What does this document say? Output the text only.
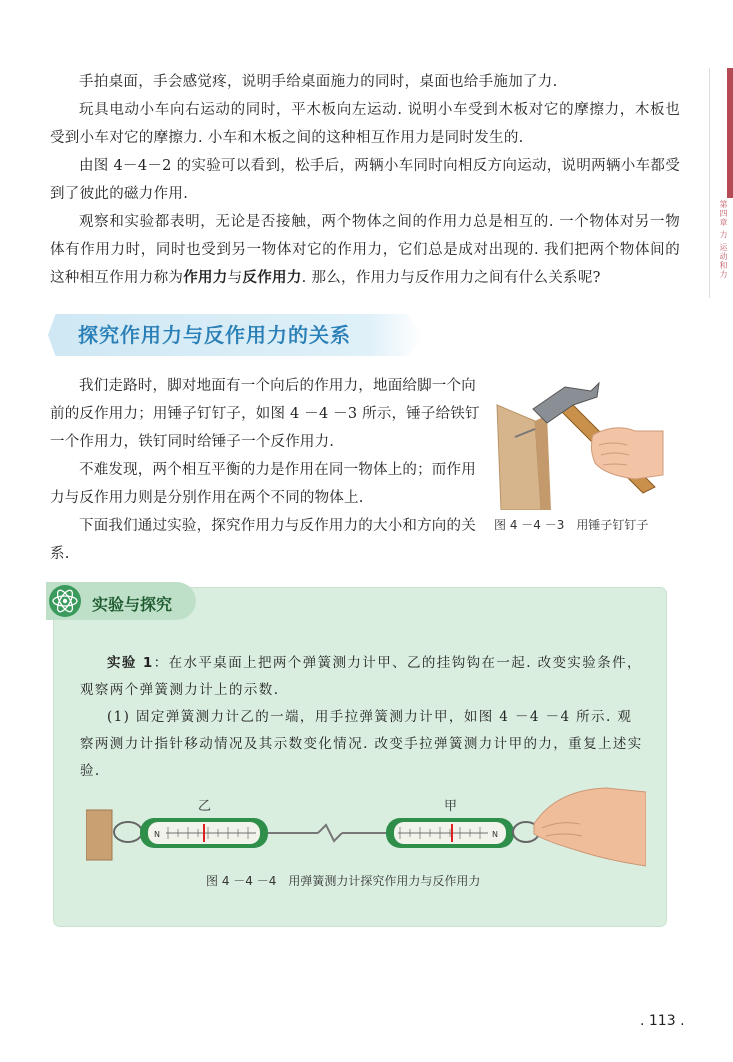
第四章 力 运动和力

手拍桌面，手会感觉疼，说明手给桌面施力的同时，桌面也给手施加了力.

玩具电动小车向右运动的同时，平木板向左运动. 说明小车受到木板对它的摩擦力，木板也受到小车对它的摩擦力. 小车和木板之间的这种相互作用力是同时发生的.

由图 4－4－2 的实验可以看到，松手后，两辆小车同时向相反方向运动，说明两辆小车都受到了彼此的磁力作用.

观察和实验都表明，无论是否接触，两个物体之间的作用力总是相互的. 一个物体对另一物体有作用力时，同时也受到另一物体对它的作用力，它们总是成对出现的. 我们把两个物体间的这种相互作用力称为作用力与反作用力. 那么，作用力与反作用力之间有什么关系呢?

探究作用力与反作用力的关系

我们走路时，脚对地面有一个向后的作用力，地面给脚一个向前的反作用力；用锤子钉钉子，如图 4 －4 －3 所示，锤子给铁钉一个作用力，铁钉同时给锤子一个反作用力.

不难发现，两个相互平衡的力是作用在同一物体上的；而作用力与反作用力则是分别作用在两个不同的物体上.

下面我们通过实验，探究作用力与反作用力的大小和方向的关系.

图 4 －4 －3　用锤子钉钉子
实验与探究

实验 1：在水平桌面上把两个弹簧测力计甲、乙的挂钩钩在一起. 改变实验条件，观察两个弹簧测力计上的示数.

(1) 固定弹簧测力计乙的一端，用手拉弹簧测力计甲，如图 4 －4 －4 所示. 观察两测力计指针移动情况及其示数变化情况. 改变手拉弹簧测力计甲的力，重复上述实验.

乙	甲
N	N
图 4 －4 －4　用弹簧测力计探究作用力与反作用力
. 113 .
